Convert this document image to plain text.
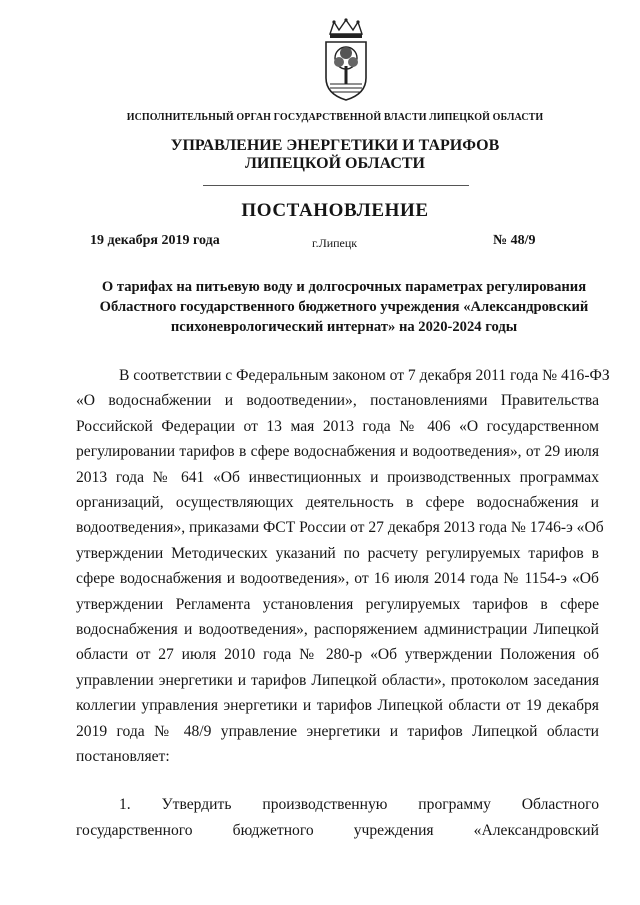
ИСПОЛНИТЕЛЬНЫЙ ОРГАН ГОСУДАРСТВЕННОЙ ВЛАСТИ ЛИПЕЦКОЙ ОБЛАСТИ
УПРАВЛЕНИЕ ЭНЕРГЕТИКИ И ТАРИФОВ
ЛИПЕЦКОЙ ОБЛАСТИ
ПОСТАНОВЛЕНИЕ
19 декабря 2019 года	г.Липецк	№ 48/9
О тарифах на питьевую воду и долгосрочных параметрах регулирования
Областного государственного бюджетного учреждения «Александровский
психоневрологический интернат» на 2020-2024 годы
В соответствии с Федеральным законом от 7 декабря 2011 года № 416-ФЗ
«О водоснабжении и водоотведении», постановлениями Правительства
Российской Федерации от 13 мая 2013 года № 406 «О государственном
регулировании тарифов в сфере водоснабжения и водоотведения», от 29 июля
2013 года № 641 «Об инвестиционных и производственных программах
организаций, осуществляющих деятельность в сфере водоснабжения и
водоотведения», приказами ФСТ России от 27 декабря 2013 года № 1746-э «Об
утверждении Методических указаний по расчету регулируемых тарифов в
сфере водоснабжения и водоотведения», от 16 июля 2014 года № 1154-э «Об
утверждении Регламента установления регулируемых тарифов в сфере
водоснабжения и водоотведения», распоряжением администрации Липецкой
области от 27 июля 2010 года № 280-р «Об утверждении Положения об
управлении энергетики и тарифов Липецкой области», протоколом заседания
коллегии управления энергетики и тарифов Липецкой области от 19 декабря
2019 года № 48/9 управление энергетики и тарифов Липецкой области
постановляет:
1. Утвердить производственную программу Областного
государственного бюджетного учреждения «Александровский
